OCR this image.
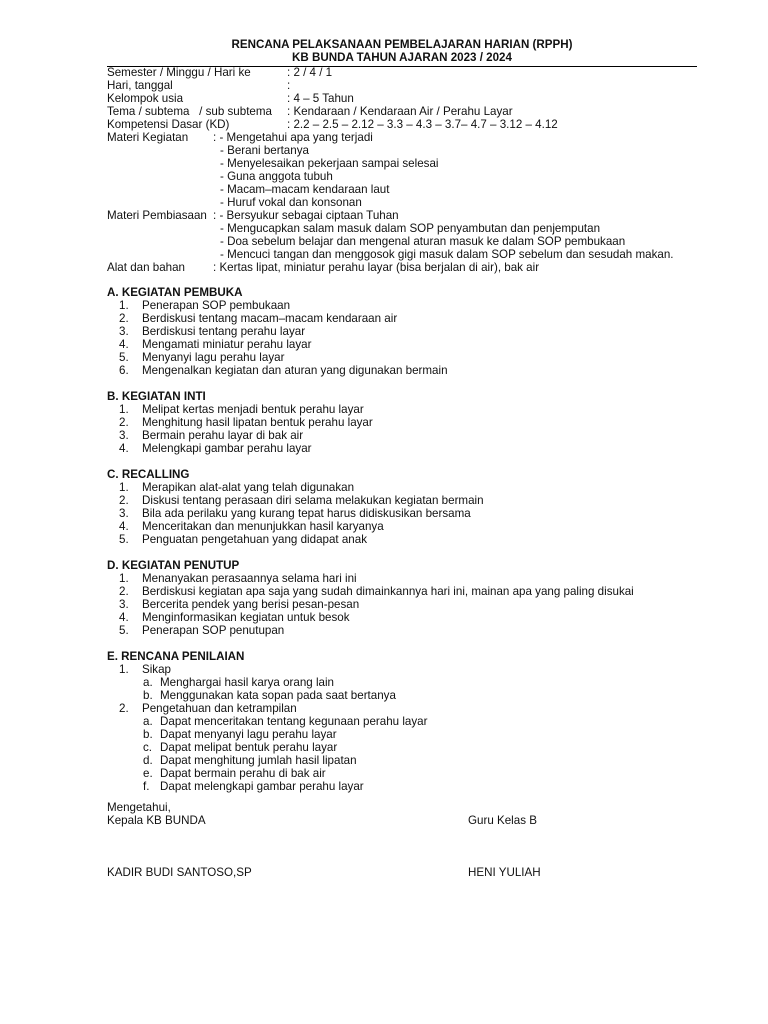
RENCANA PELAKSANAAN PEMBELAJARAN HARIAN (RPPH)
KB BUNDA TAHUN AJARAN 2023 / 2024
Semester / Minggu / Hari ke	: 2 / 4 / 1
Hari, tanggal	:
Kelompok usia	: 4 – 5 Tahun
Tema / subtema   / sub subtema : Kendaraan / Kendaraan Air / Perahu Layar
Kompetensi Dasar (KD)	: 2.2 – 2.5 – 2.12 – 3.3 – 4.3 – 3.7– 4.7 – 3.12 – 4.12
Materi Kegiatan : - Mengetahui apa yang terjadi
- Berani bertanya
- Menyelesaikan pekerjaan sampai selesai
- Guna anggota tubuh
- Macam–macam kendaraan laut
- Huruf vokal dan konsonan
Materi Pembiasaan : - Bersyukur sebagai ciptaan Tuhan
- Mengucapkan salam masuk dalam SOP penyambutan dan penjemputan
- Doa sebelum belajar dan mengenal aturan masuk ke dalam SOP pembukaan
- Mencuci tangan dan menggosok gigi masuk dalam SOP sebelum dan sesudah makan.
Alat dan bahan : Kertas lipat, miniatur perahu layar (bisa berjalan di air), bak air
A. KEGIATAN PEMBUKA
1. Penerapan SOP pembukaan
2. Berdiskusi tentang macam–macam kendaraan air
3. Berdiskusi tentang perahu layar
4. Mengamati miniatur perahu layar
5. Menyanyi lagu perahu layar
6. Mengenalkan kegiatan dan aturan yang digunakan bermain
B. KEGIATAN INTI
1. Melipat kertas menjadi bentuk perahu layar
2. Menghitung hasil lipatan bentuk perahu layar
3. Bermain perahu layar di bak air
4. Melengkapi gambar perahu layar
C. RECALLING
1. Merapikan alat-alat yang telah digunakan
2. Diskusi tentang perasaan diri selama melakukan kegiatan bermain
3. Bila ada perilaku yang kurang tepat harus didiskusikan bersama
4. Menceritakan dan menunjukkan hasil karyanya
5. Penguatan pengetahuan yang didapat anak
D. KEGIATAN PENUTUP
1. Menanyakan perasaannya selama hari ini
2. Berdiskusi kegiatan apa saja yang sudah dimainkannya hari ini, mainan apa yang paling disukai
3. Bercerita pendek yang berisi pesan-pesan
4. Menginformasikan kegiatan untuk besok
5. Penerapan SOP penutupan
E. RENCANA PENILAIAN
1. Sikap
a. Menghargai hasil karya orang lain
b. Menggunakan kata sopan pada saat bertanya
2. Pengetahuan dan ketrampilan
a. Dapat menceritakan tentang kegunaan perahu layar
b. Dapat menyanyi lagu perahu layar
c. Dapat melipat bentuk perahu layar
d. Dapat menghitung jumlah hasil lipatan
e. Dapat bermain perahu di bak air
f. Dapat melengkapi gambar perahu layar
Mengetahui,
Kepala KB BUNDA	Guru Kelas B
KADIR BUDI SANTOSO,SP	HENI YULIAH
